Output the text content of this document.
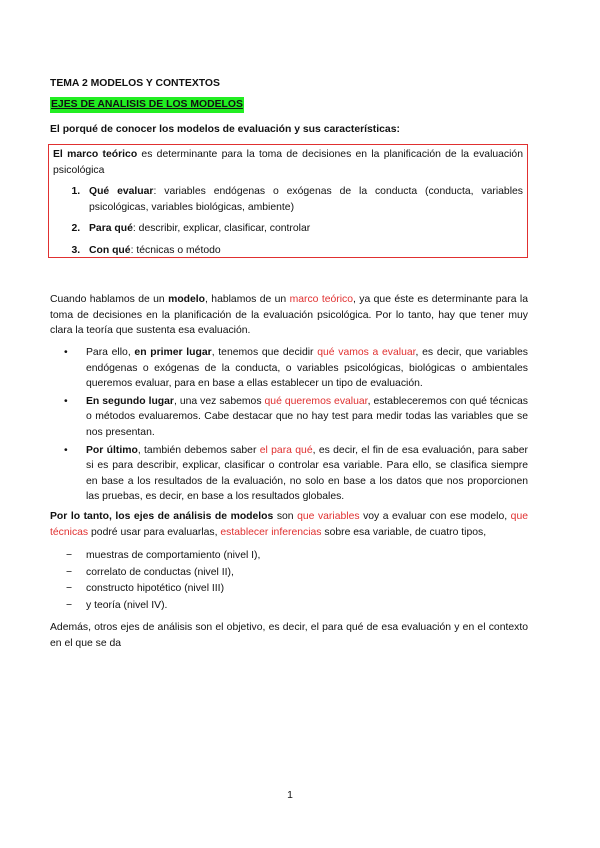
TEMA 2 MODELOS Y CONTEXTOS
EJES DE ANALISIS DE LOS MODELOS
El porqué de conocer los modelos de evaluación y sus características:

El marco teórico es determinante para la toma de decisiones en la planificación de la evaluación psicológica

1. Qué evaluar: variables endógenas o exógenas de la conducta (conducta, variables psicológicas, variables biológicas, ambiente)
2. Para qué: describir, explicar, clasificar, controlar
3. Con qué: técnicas o método

Cuando hablamos de un modelo, hablamos de un marco teórico, ya que éste es determinante para la toma de decisiones en la planificación de la evaluación psicológica. Por lo tanto, hay que tener muy clara la teoría que sustenta esa evaluación.

• Para ello, en primer lugar, tenemos que decidir qué vamos a evaluar, es decir, que variables endógenas o exógenas de la conducta, o variables psicológicas, biológicas o ambientales queremos evaluar, para en base a ellas establecer un tipo de evaluación.
• En segundo lugar, una vez sabemos qué queremos evaluar, estableceremos con qué técnicas o métodos evaluaremos. Cabe destacar que no hay test para medir todas las variables que se nos presentan.
• Por último, también debemos saber el para qué, es decir, el fin de esa evaluación, para saber si es para describir, explicar, clasificar o controlar esa variable. Para ello, se clasifica siempre en base a los resultados de la evaluación, no solo en base a los datos que nos proporcionen las pruebas, es decir, en base a los resultados globales.

Por lo tanto, los ejes de análisis de modelos son que variables voy a evaluar con ese modelo, que técnicas podré usar para evaluarlas, establecer inferencias sobre esa variable, de cuatro tipos,

− muestras de comportamiento (nivel I),
− correlato de conductas (nivel II),
− constructo hipotético (nivel III)
− y teoría (nivel IV).

Además, otros ejes de análisis son el objetivo, es decir, el para qué de esa evaluación y en el contexto en el que se da

1
